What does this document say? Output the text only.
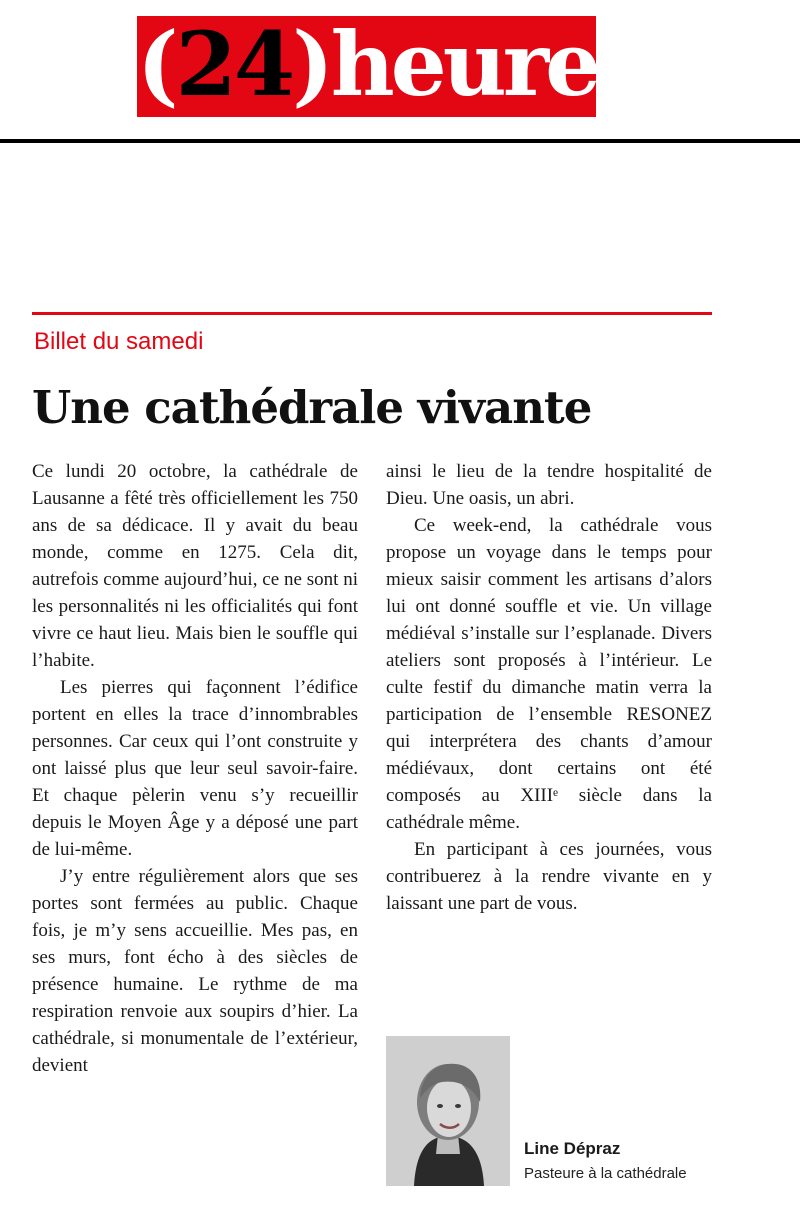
(24)heures
Billet du samedi
Une cathédrale vivante

Ce lundi 20 octobre, la cathédrale de Lausanne a fêté très officiellement les 750 ans de sa dédicace. Il y avait du beau monde, comme en 1275. Cela dit, autrefois comme aujourd’hui, ce ne sont ni les personnalités ni les officialités qui font vivre ce haut lieu. Mais bien le souffle qui l’habite.

Les pierres qui façonnent l’édifice portent en elles la trace d’innombrables personnes. Car ceux qui l’ont construite y ont laissé plus que leur seul savoir-faire. Et chaque pèlerin venu s’y recueillir depuis le Moyen Âge y a déposé une part de lui-même.

J’y entre régulièrement alors que ses portes sont fermées au public. Chaque fois, je m’y sens accueillie. Mes pas, en ses murs, font écho à des siècles de présence humaine. Le rythme de ma respiration renvoie aux soupirs d’hier. La cathédrale, si monumentale de l’extérieur, devient

ainsi le lieu de la tendre hospitalité de Dieu. Une oasis, un abri.

Ce week-end, la cathédrale vous propose un voyage dans le temps pour mieux saisir comment les artisans d’alors lui ont donné souffle et vie. Un village médiéval s’installe sur l’esplanade. Divers ateliers sont proposés à l’intérieur. Le culte festif du dimanche matin verra la participation de l’ensemble RESONEZ qui interprétera des chants d’amour médiévaux, dont certains ont été composés au XIIIᵉ siècle dans la cathédrale même.

En participant à ces journées, vous contribuerez à la rendre vivante en y laissant une part de vous.

Line Dépraz
Pasteure à la cathédrale
